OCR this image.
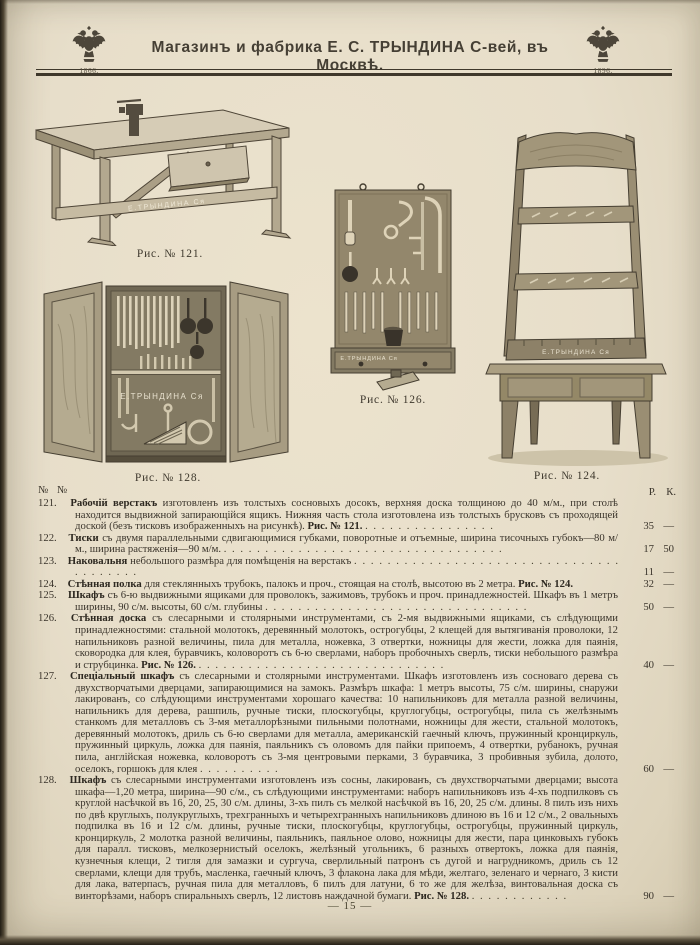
1866.	1896.
Магазинъ и фабрика Е. С. ТРЫНДИНА С-вей, въ Москвѣ.
Е.ТРЫНДИНА Ся
Рис. № 121.
Е.ТРЫНДИНА Ся
Рис. № 128.
Е.ТРЫНДИНА Ся
Рис. № 126.
Е.ТРЫНДИНА Ся
Рис. № 124.
№ №	Р. К.
121. Рабочій верстакъ изготовленъ изъ толстыхъ сосновыхъ досокъ, верхняя доска толщиною до 40 м/м., при столѣ находится выдвижной запирающійся ящикъ. Нижняя часть стола изготовлена изъ толстыхъ брусковъ съ проходящей доской (безъ тисковъ изображенныхъ на рисункѣ). Рис. № 121. . . . . . . . . . . . . . . . .	35 —
122. Тиски съ двумя параллельными сдвигающимися губками, поворотные и отъемные, ширина тисочныхъ губокъ—80 м/м., ширина растяженія—90 м/м. . . . . . . . . . . . . . . . . . . . . . . . . . . . . . . . . . .	17 50
123. Наковальня небольшого размѣра для помѣщенія на верстакъ . . . . . . . . . . . . . . . . . . . . . . . . . . . . . . . . . . . . . . . .	11 —
124. Стѣнная полка для стеклянныхъ трубокъ, палокъ и проч., стоящая на столѣ, высотою въ 2 метра. Рис. № 124.	32 —
125. Шкафъ съ 6-ю выдвижными ящиками для проволокъ, зажимовъ, трубокъ и проч. принадлежностей. Шкафъ въ 1 метръ ширины, 90 с/м. высоты, 60 с/м. глубины . . . . . . . . . . . . . . . . . . . . . . . . . . . . . . . .	50 —
126. Стѣнная доска съ слесарными и столярными инструментами, съ 2-мя выдвижными ящиками, съ слѣдующими принадлежностями: стальной молотокъ, деревянный молотокъ, острогубцы, 2 клещей для вытягиванія проволоки, 12 напильниковъ разной величины, пила для металла, ножевка, 3 отвертки, ножницы для жести, ложка для паянія, сковородка для клея, буравчикъ, коловоротъ съ 6-ю сверлами, наборъ пробочныхъ сверлъ, тиски небольшого размѣра и струбцинка. Рис. № 126. . . . . . . . . . . . . . . . . . . . . . . . . . . . . . .	40 —
127. Спеціальный шкафъ съ слесарными и столярными инструментами. Шкафъ изготовленъ изъ сосноваго дерева съ двухстворчатыми дверцами, запирающимися на замокъ. Размѣръ шкафа: 1 метръ высоты, 75 с/м. ширины, снаружи лакированъ, со слѣдующими инструментами хорошаго качества: 10 напильниковъ для металла разной величины, напильникъ для дерева, рашпиль, ручные тиски, плоскогубцы, круглогубцы, острогубцы, пила съ желѣзнымъ станкомъ для металловъ съ 3-мя металлорѣзными пильными полотнами, ножницы для жести, стальной молотокъ, деревянный молотокъ, дриль съ 6-ю сверлами для металла, американскій гаечный ключъ, пружинный кронциркуль, пружинный циркуль, ложка для паянія, паяльникъ съ оловомъ для пайки припоемъ, 4 отвертки, рубанокъ, ручная пила, англійская ножевка, коловоротъ съ 3-мя центровыми перками, 3 буравчика, 3 пробивныя зубила, долото, оселокъ, горшокъ для клея . . . . . . . . . .	60 —
128. Шкафъ съ слесарными инструментами изготовленъ изъ сосны, лакированъ, съ двухстворчатыми дверцами; высота шкафа—1,20 метра, ширина—90 с/м., съ слѣдующими инструментами: наборъ напильниковъ изъ 4-хъ подпилковъ съ круглой насѣчкой въ 16, 20, 25, 30 с/м. длины, 3-хъ пилъ съ мелкой насѣчкой въ 16, 20, 25 с/м. длины. 8 пилъ изъ нихъ по двѣ круглыхъ, полукруглыхъ, трехгранныхъ и четырехгранныхъ напильниковъ длиною въ 16 и 12 с/м., 2 овальныхъ подпилка въ 16 и 12 с/м. длины, ручные тиски, плоскогубцы, круглогубцы, острогубцы, пружинный циркуль, кронциркуль, 2 молотка разной величины, паяльникъ, паяльное олово, ножницы для жести, пара цинковыхъ губокъ для паралл. тисковъ, мелкозернистый оселокъ, желѣзный угольникъ, 6 разныхъ отвертокъ, ложка для паянія, кузнечныя клещи, 2 тигля для замазки и сургуча, сверлильный патронъ съ дугой и нагрудникомъ, дриль съ 12 сверлами, клещи для трубъ, масленка, гаечный ключъ, 3 флакона лака для мѣди, желтаго, зеленаго и чернаго, 3 кисти для лака, ватерпасъ, ручная пила для металловъ, 6 пилъ для латуни, 6 то же для желѣза, винтовальная доска съ винторѣзами, наборъ спиральныхъ сверлъ, 12 листовъ наждачной бумаги. Рис. № 128. . . . . . . . . . . . .	90 —
— 15 —
